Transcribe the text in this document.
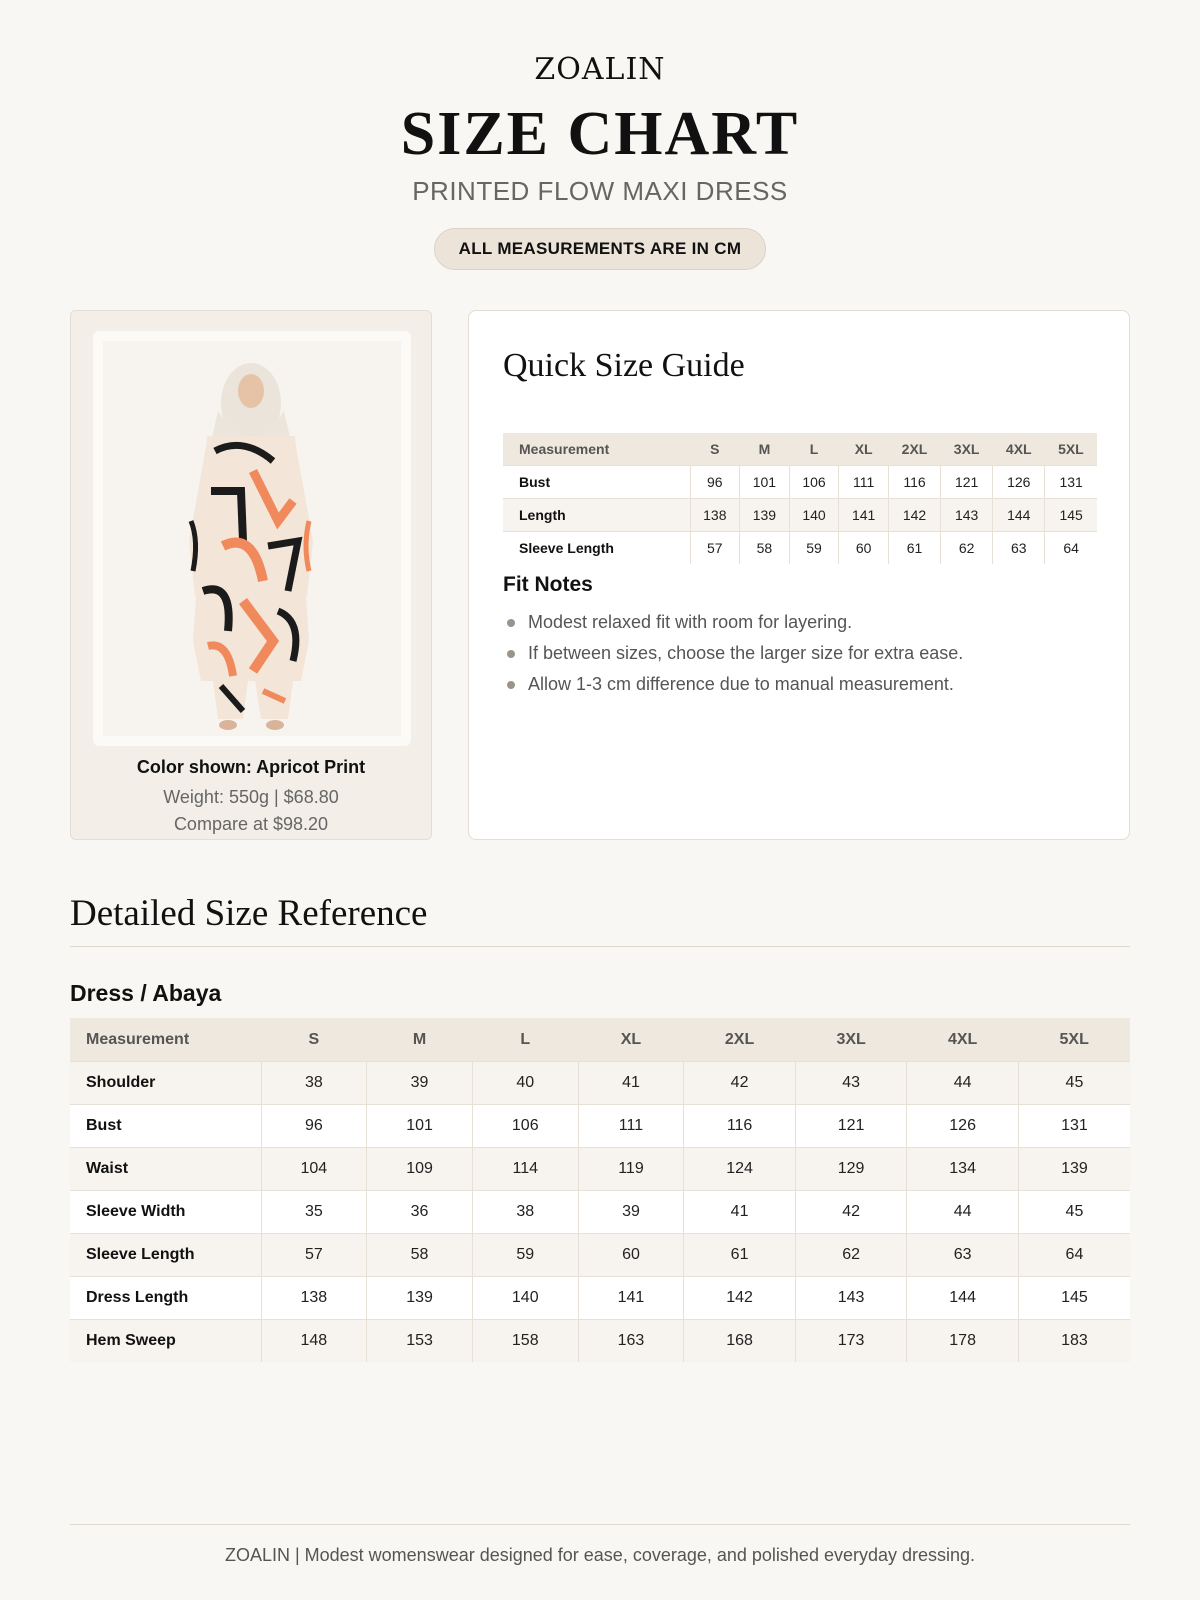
ZOALIN
SIZE CHART
PRINTED FLOW MAXI DRESS
ALL MEASUREMENTS ARE IN CM
Color shown: Apricot Print
Weight: 550g | $68.80
Compare at $98.20
Quick Size Guide
Measurement	S	M	L	XL	2XL	3XL	4XL	5XL
Bust	96	101	106	111	116	121	126	131
Length	138	139	140	141	142	143	144	145
Sleeve Length	57	58	59	60	61	62	63	64
Fit Notes
Modest relaxed fit with room for layering.
If between sizes, choose the larger size for extra ease.
Allow 1-3 cm difference due to manual measurement.
Detailed Size Reference
Dress / Abaya
Measurement	S	M	L	XL	2XL	3XL	4XL	5XL
Shoulder	38	39	40	41	42	43	44	45
Bust	96	101	106	111	116	121	126	131
Waist	104	109	114	119	124	129	134	139
Sleeve Width	35	36	38	39	41	42	44	45
Sleeve Length	57	58	59	60	61	62	63	64
Dress Length	138	139	140	141	142	143	144	145
Hem Sweep	148	153	158	163	168	173	178	183
ZOALIN | Modest womenswear designed for ease, coverage, and polished everyday dressing.
